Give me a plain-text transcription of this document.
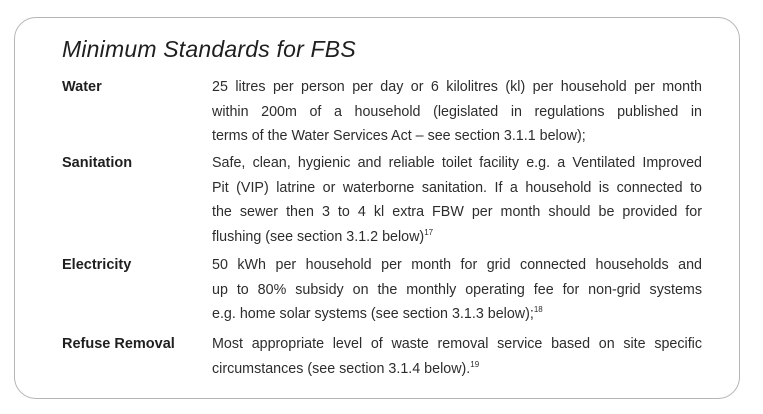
Minimum Standards for FBS
Water	25 litres per person per day or 6 kilolitres (kl) per household per month
within 200m of a household (legislated in regulations published in
terms of the Water Services Act – see section 3.1.1 below);
Sanitation	Safe, clean, hygienic and reliable toilet facility e.g. a Ventilated Improved
Pit (VIP) latrine or waterborne sanitation. If a household is connected to
the sewer then 3 to 4 kl extra FBW per month should be provided for
flushing (see section 3.1.2 below)$^{17}$
Electricity	50 kWh per household per month for grid connected households and
up to 80% subsidy on the monthly operating fee for non-grid systems
e.g. home solar systems (see section 3.1.3 below);$^{18}$
Refuse Removal	Most appropriate level of waste removal service based on site specific
circumstances (see section 3.1.4 below).$^{19}$
